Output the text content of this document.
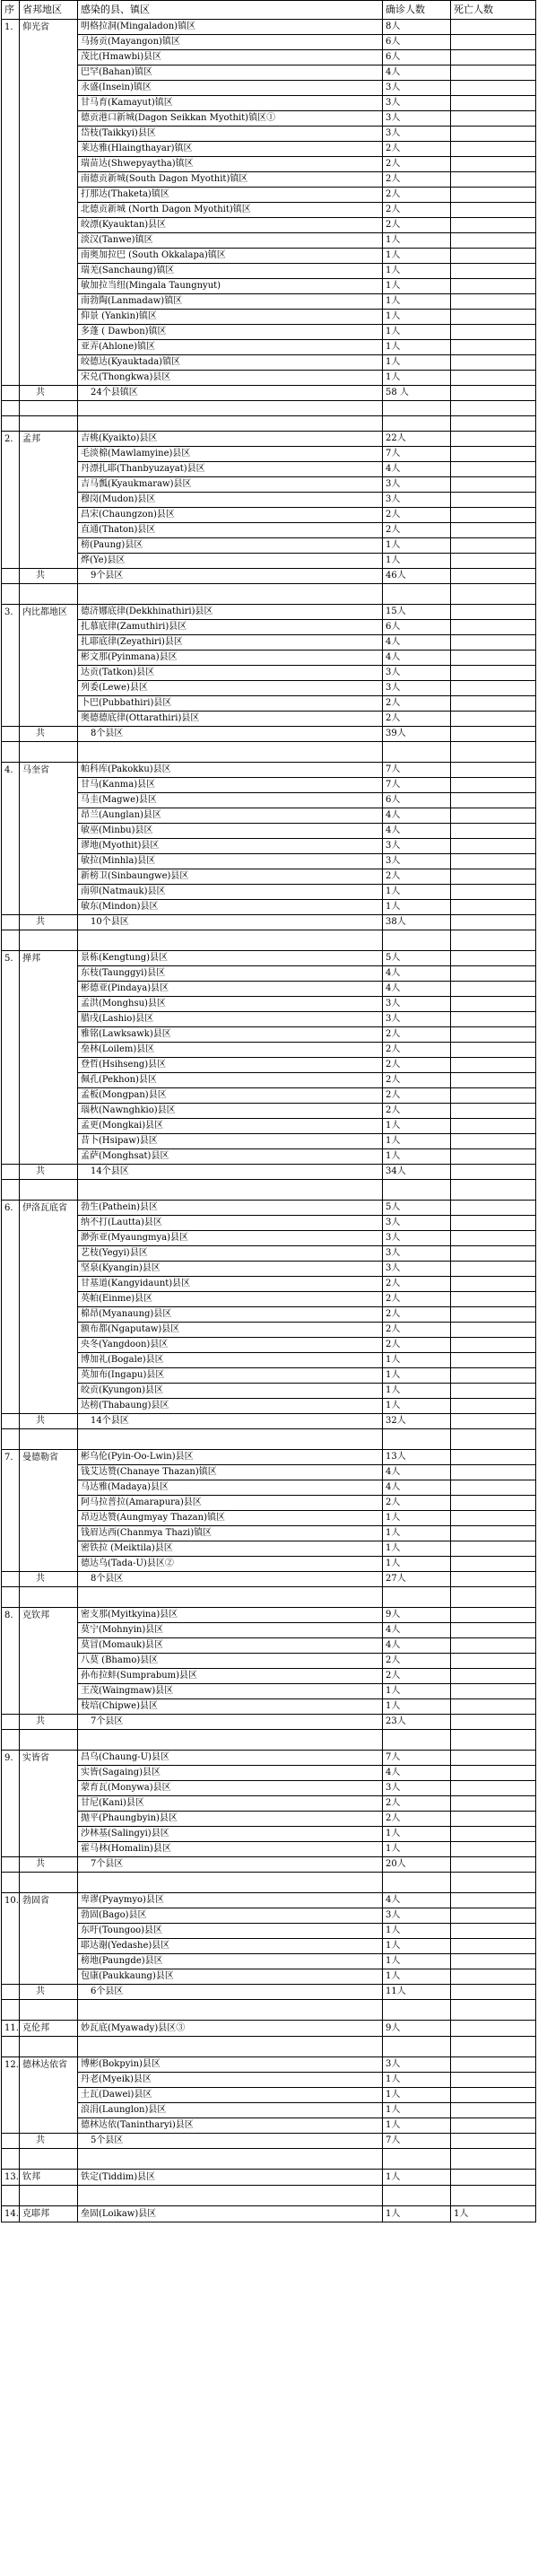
序	省邦地区	感染的县、镇区	确诊人数	死亡人数
1.	仰光省	明格拉洞(Mingaladon)镇区	8人	
		马扬贡(Mayangon)镇区	6人	
		茂比(Hmawbi)县区	6人	
		巴罕(Bahan)镇区	4人	
		永盛(Insein)镇区	3人	
		甘马育(Kamayut)镇区	3人	
		德贡港口新城(Dagon Seikkan Myothit)镇区①	3人	
		岱枝(Taikkyi)县区	3人	
		莱达雅(Hlaingthayar)镇区	2人	
		瑞苗达(Shwepyaytha)镇区	2人	
		南德贡新城(South Dagon Myothit)镇区	2人	
		打那达(Thaketa)镇区	2人	
		北德贡新城 (North Dagon Myothit)镇区	2人	
		皎漂(Kyauktan)县区	2人	
		淡汉(Tanwe)镇区	1人	
		南奥加拉巴 (South Okkalapa)镇区	1人	
		瑞羌(Sanchaung)镇区	1人	
		敏加拉当纽(Mingala Taungnyut)	1人	
		南勃陶(Lanmadaw)镇区	1人	
		仰景 (Yankin)镇区	1人	
		多蓬 ( Dawbon)镇区	1人	
		亚弄(Ahlone)镇区	1人	
		皎德达(Kyauktada)镇区	1人	
		宋兑(Thongkwa)县区	1人	
	共	24个县镇区	58 人	

2.	孟邦	吉桃(Kyaikto)县区	22人	
		毛淡棉(Mawlamyine)县区	7人	
		丹漂扎耶(Thanbyuzayat)县区	4人	
		吉马瓢(Kyaukmaraw)县区	3人	
		穆岗(Mudon)县区	3人	
		昌宋(Chaungzon)县区	2人	
		直通(Thaton)县区	2人	
		榜(Paung)县区	1人	
		烨(Ye)县区	1人	
	共	9个县区	46人	

3.	内比都地区	德济娜底律(Dekkhinathiri)县区	15人	
		扎慕底律(Zamuthiri)县区	6人	
		扎耶底律(Zeyathiri)县区	4人	
		彬文那(Pyinmana)县区	4人	
		达贡(Tatkon)县区	3人	
		列委(Lewe)县区	3人	
		卜巴(Pubbathiri)县区	2人	
		奥德德底律(Ottarathiri)县区	2人	
	共	8个县区	39人	

4.	马奎省	帕科库(Pakokku)县区	7人	
		甘马(Kanma)县区	7人	
		马圭(Magwe)县区	6人	
		昂兰(Aunglan)县区	4人	
		敏巫(Minbu)县区	4人	
		谬地(Myothit)县区	3人	
		敏拉(Minhla)县区	3人	
		新榜卫(Sinbaungwe)县区	2人	
		南卯(Natmauk)县区	1人	
		敏东(Mindon)县区	1人	
	共	10个县区	38人	

5.	掸邦	景栋(Kengtung)县区	5人	
		东枝(Taunggyi)县区	4人	
		彬德亚(Pindaya)县区	4人	
		孟洪(Monghsu)县区	3人	
		腊戌(Lashio)县区	3人	
		雅铭(Lawksawk)县区	2人	
		垒林(Loilem)县区	2人	
		登哲(Hsihseng)县区	2人	
		佩孔(Pekhon)县区	2人	
		孟板(Mongpan)县区	2人	
		瑙秋(Nawnghkio)县区	2人	
		孟更(Mongkai)县区	1人	
		昔卜(Hsipaw)县区	1人	
		孟萨(Monghsat)县区	1人	
	共	14个县区	34人	

6.	伊洛瓦底省	勃生(Pathein)县区	5人	
		纳不打(Lautta)县区	3人	
		渺弥亚(Myaungmya)县区	3人	
		艺枝(Yegyi)县区	3人	
		坚泉(Kyangin)县区	3人	
		甘基道(Kangyidaunt)县区	2人	
		英帕(Einme)县区	2人	
		棉昂(Myanaung)县区	2人	
		额布都(Ngaputaw)县区	2人	
		央冬(Yangdoon)县区	2人	
		博加礼(Bogale)县区	1人	
		英加布(Ingapu)县区	1人	
		皎贡(Kyungon)县区	1人	
		达榜(Thabaung)县区	1人	
	共	14个县区	32人	

7.	曼德勒省	彬乌伦(Pyin-Oo-Lwin)县区	13人	
		钱艾达赞(Chanaye Thazan)镇区	4人	
		马达雅(Madaya)县区	4人	
		阿马拉普拉(Amarapura)县区	2人	
		昂迈达赞(Aungmyay Thazan)镇区	1人	
		钱眉达西(Chanmya Thazi)镇区	1人	
		密铁拉 (Meiktila)县区	1人	
		德达乌(Tada-U)县区②	1人	
	共	8个县区	27人	

8.	克钦邦	密支那(Myitkyina)县区	9人	
		莫宁(Mohnyin)县区	4人	
		莫冒(Momauk)县区	4人	
		八莫 (Bhamo)县区	2人	
		孙布拉蚌(Sumprabum)县区	2人	
		王茂(Waingmaw)县区	1人	
		枝培(Chipwe)县区	1人	
	共	7个县区	23人	

9.	实皆省	昌乌(Chaung-U)县区	7人	
		实皆(Sagaing)县区	4人	
		蒙育瓦(Monywa)县区	3人	
		甘尼(Kani)县区	2人	
		抛平(Phaungbyin)县区	2人	
		沙林基(Salingyi)县区	1人	
		霍马林(Homalin)县区	1人	
	共	7个县区	20人	

10.	勃固省	卑谬(Pyaymyo)县区	4人	
		勃固(Bago)县区	3人	
		东吁(Toungoo)县区	1人	
		耶达谢(Yedashe)县区	1人	
		榜地(Paungde)县区	1人	
		包康(Paukkaung)县区	1人	
	共	6个县区	11人	

11.	克伦邦	妙瓦底(Myawady)县区③	9人	

12.	德林达依省	博彬(Bokpyin)县区	3人	
		丹老(Myeik)县区	1人	
		土瓦(Dawei)县区	1人	
		浪涓(Launglon)县区	1人	
		德林达依(Tanintharyi)县区	1人	
	共	5个县区	7人	

13.	钦邦	铁定(Tiddim)县区	1人	

14.	克耶邦	垒固(Loikaw)县区	1人	1人
